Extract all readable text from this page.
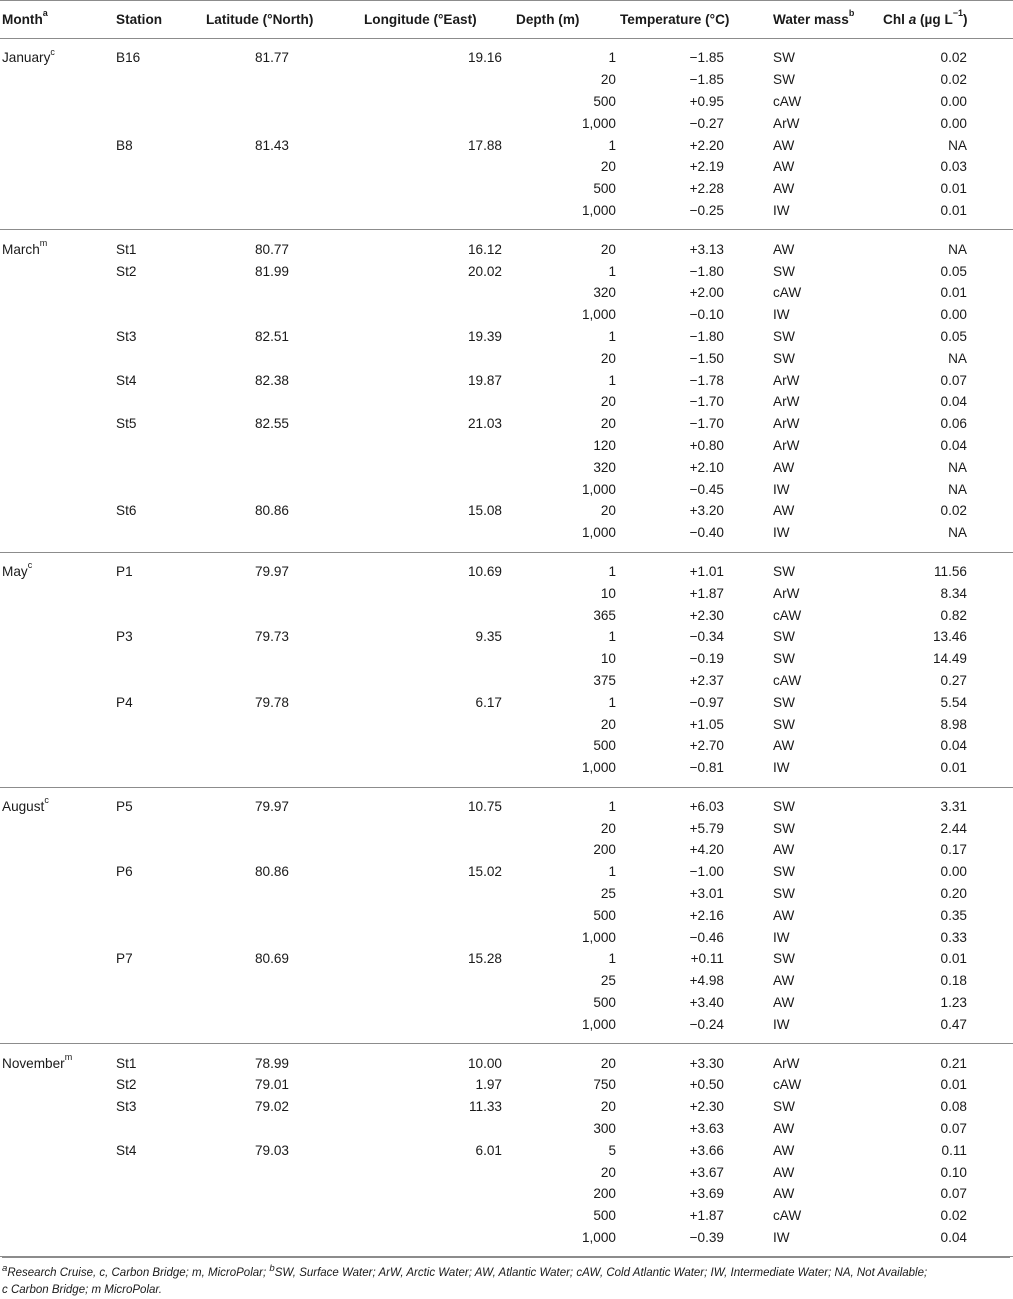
Month$^a$	Station	Latitude (°North)	Longitude (°East)	Depth (m)	Temperature (°C)	Water mass$^b$	Chl a (µg $L^{-1}$)
January$^c$	B16	81.77	19.16	1	−1.85	SW	0.02
				20	−1.85	SW	0.02
				500	+0.95	cAW	0.00
				1,000	−0.27	ArW	0.00
	B8	81.43	17.88	1	+2.20	AW	NA
				20	+2.19	AW	0.03
				500	+2.28	AW	0.01
				1,000	−0.25	IW	0.01
March$^m$	St1	80.77	16.12	20	+3.13	AW	NA
	St2	81.99	20.02	1	−1.80	SW	0.05
				320	+2.00	cAW	0.01
				1,000	−0.10	IW	0.00
	St3	82.51	19.39	1	−1.80	SW	0.05
				20	−1.50	SW	NA
	St4	82.38	19.87	1	−1.78	ArW	0.07
				20	−1.70	ArW	0.04
	St5	82.55	21.03	20	−1.70	ArW	0.06
				120	+0.80	ArW	0.04
				320	+2.10	AW	NA
				1,000	−0.45	IW	NA
	St6	80.86	15.08	20	+3.20	AW	0.02
				1,000	−0.40	IW	NA
May$^c$	P1	79.97	10.69	1	+1.01	SW	11.56
				10	+1.87	ArW	8.34
				365	+2.30	cAW	0.82
	P3	79.73	9.35	1	−0.34	SW	13.46
				10	−0.19	SW	14.49
				375	+2.37	cAW	0.27
	P4	79.78	6.17	1	−0.97	SW	5.54
				20	+1.05	SW	8.98
				500	+2.70	AW	0.04
				1,000	−0.81	IW	0.01
August$^c$	P5	79.97	10.75	1	+6.03	SW	3.31
				20	+5.79	SW	2.44
				200	+4.20	AW	0.17
	P6	80.86	15.02	1	−1.00	SW	0.00
				25	+3.01	SW	0.20
				500	+2.16	AW	0.35
				1,000	−0.46	IW	0.33
	P7	80.69	15.28	1	+0.11	SW	0.01
				25	+4.98	AW	0.18
				500	+3.40	AW	1.23
				1,000	−0.24	IW	0.47
November$^m$	St1	78.99	10.00	20	+3.30	ArW	0.21
	St2	79.01	1.97	750	+0.50	cAW	0.01
	St3	79.02	11.33	20	+2.30	SW	0.08
				300	+3.63	AW	0.07
	St4	79.03	6.01	5	+3.66	AW	0.11
				20	+3.67	AW	0.10
				200	+3.69	AW	0.07
				500	+1.87	cAW	0.02
				1,000	−0.39	IW	0.04
$^a$Research Cruise, c, Carbon Bridge; m, MicroPolar; $^b$SW, Surface Water; ArW, Arctic Water; AW, Atlantic Water; cAW, Cold Atlantic Water; IW, Intermediate Water; NA, Not Available;
c Carbon Bridge; m MicroPolar.
